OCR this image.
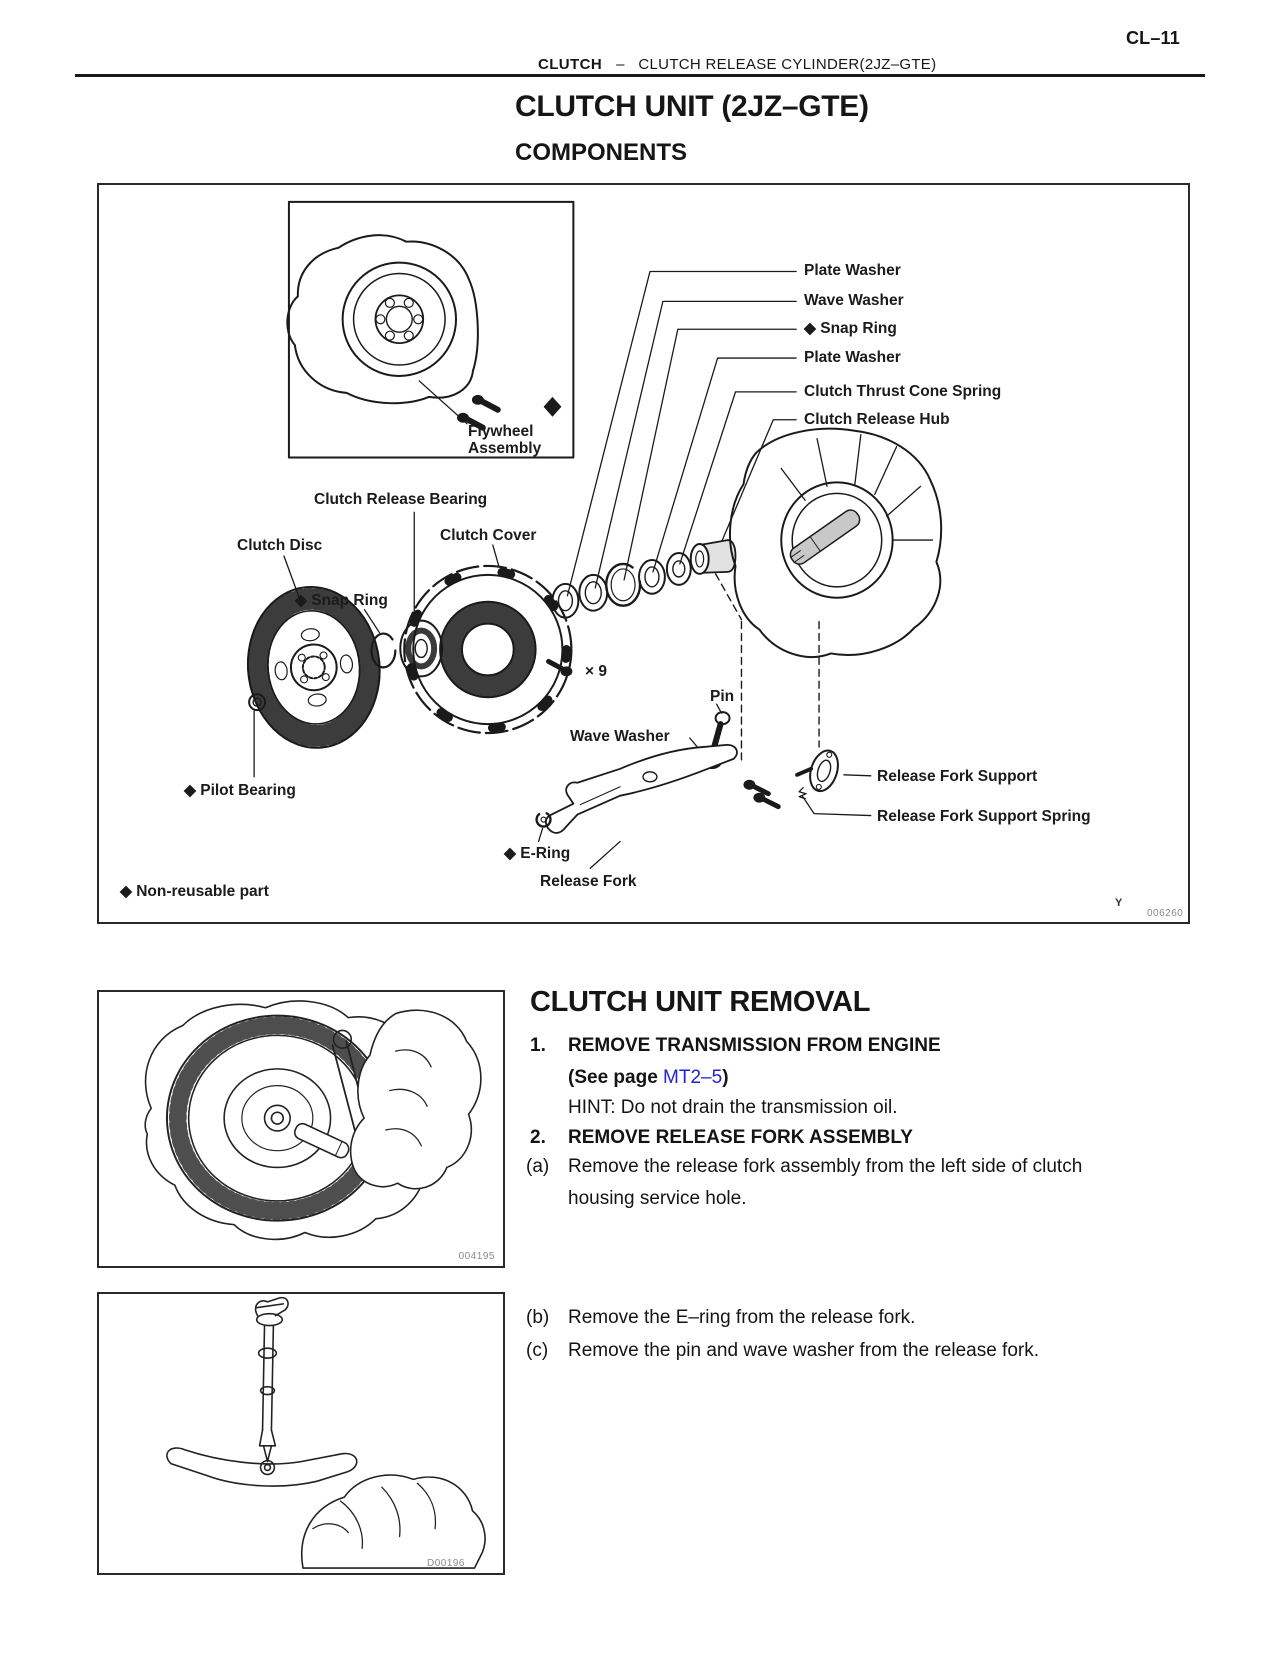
CL–11
CLUTCH – CLUTCH RELEASE CYLINDER(2JZ–GTE)
CLUTCH UNIT (2JZ–GTE)
COMPONENTS
Plate Washer
Wave Washer
◆ Snap Ring
Plate Washer
Clutch Thrust Cone Spring
Clutch Release Hub
Flywheel Assembly
Clutch Release Bearing
Clutch Disc
Clutch Cover
◆ Snap Ring
◆ Pilot Bearing
◆ Non-reusable part
Pin
Wave Washer
Release Fork Support
Release Fork Support Spring
◆ E-Ring
Release Fork
× 9
Y
006260
004195
D00196
CLUTCH UNIT REMOVAL
1.	REMOVE TRANSMISSION FROM ENGINE
(See page MT2–5)
HINT: Do not drain the transmission oil.
2.	REMOVE RELEASE FORK ASSEMBLY
(a) Remove the release fork assembly from the left side of clutch housing service hole.
(b) Remove the E–ring from the release fork.
(c)	Remove the pin and wave washer from the release fork.
